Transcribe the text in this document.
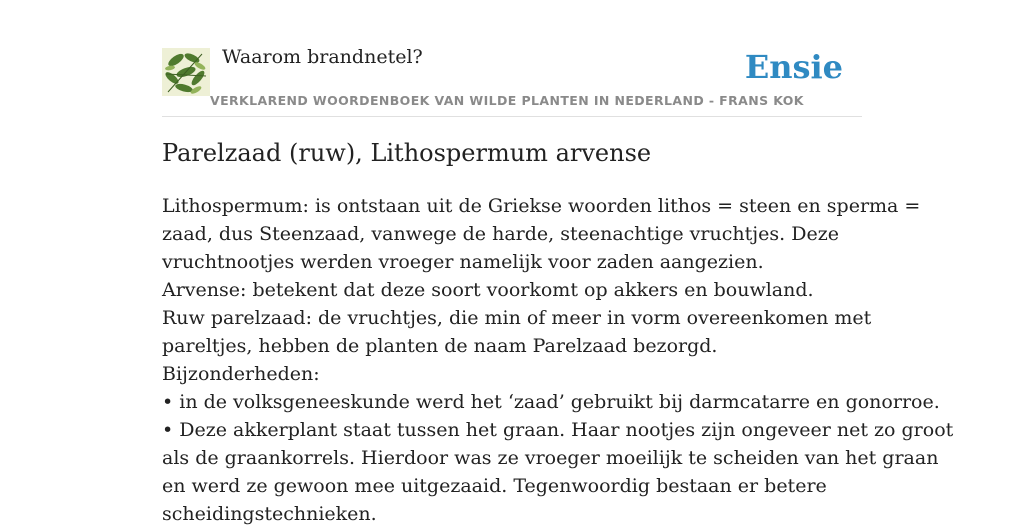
Waarom brandnetel?
VERKLAREND WOORDENBOEK VAN WILDE PLANTEN IN NEDERLAND - FRANS KOK
Ensie
Parelzaad (ruw), Lithospermum arvense
Lithospermum: is ontstaan uit de Griekse woorden lithos = steen en sperma =
zaad, dus Steenzaad, vanwege de harde, steenachtige vruchtjes. Deze
vruchtnootjes werden vroeger namelijk voor zaden aangezien.
Arvense: betekent dat deze soort voorkomt op akkers en bouwland.
Ruw parelzaad: de vruchtjes, die min of meer in vorm overeenkomen met
pareltjes, hebben de planten de naam Parelzaad bezorgd.
Bijzonderheden:
• in de volksgeneeskunde werd het ‘zaad’ gebruikt bij darmcatarre en gonorroe.
• Deze akkerplant staat tussen het graan. Haar nootjes zijn ongeveer net zo groot
als de graankorrels. Hierdoor was ze vroeger moeilijk te scheiden van het graan
en werd ze gewoon mee uitgezaaid. Tegenwoordig bestaan er betere
scheidingstechnieken.
